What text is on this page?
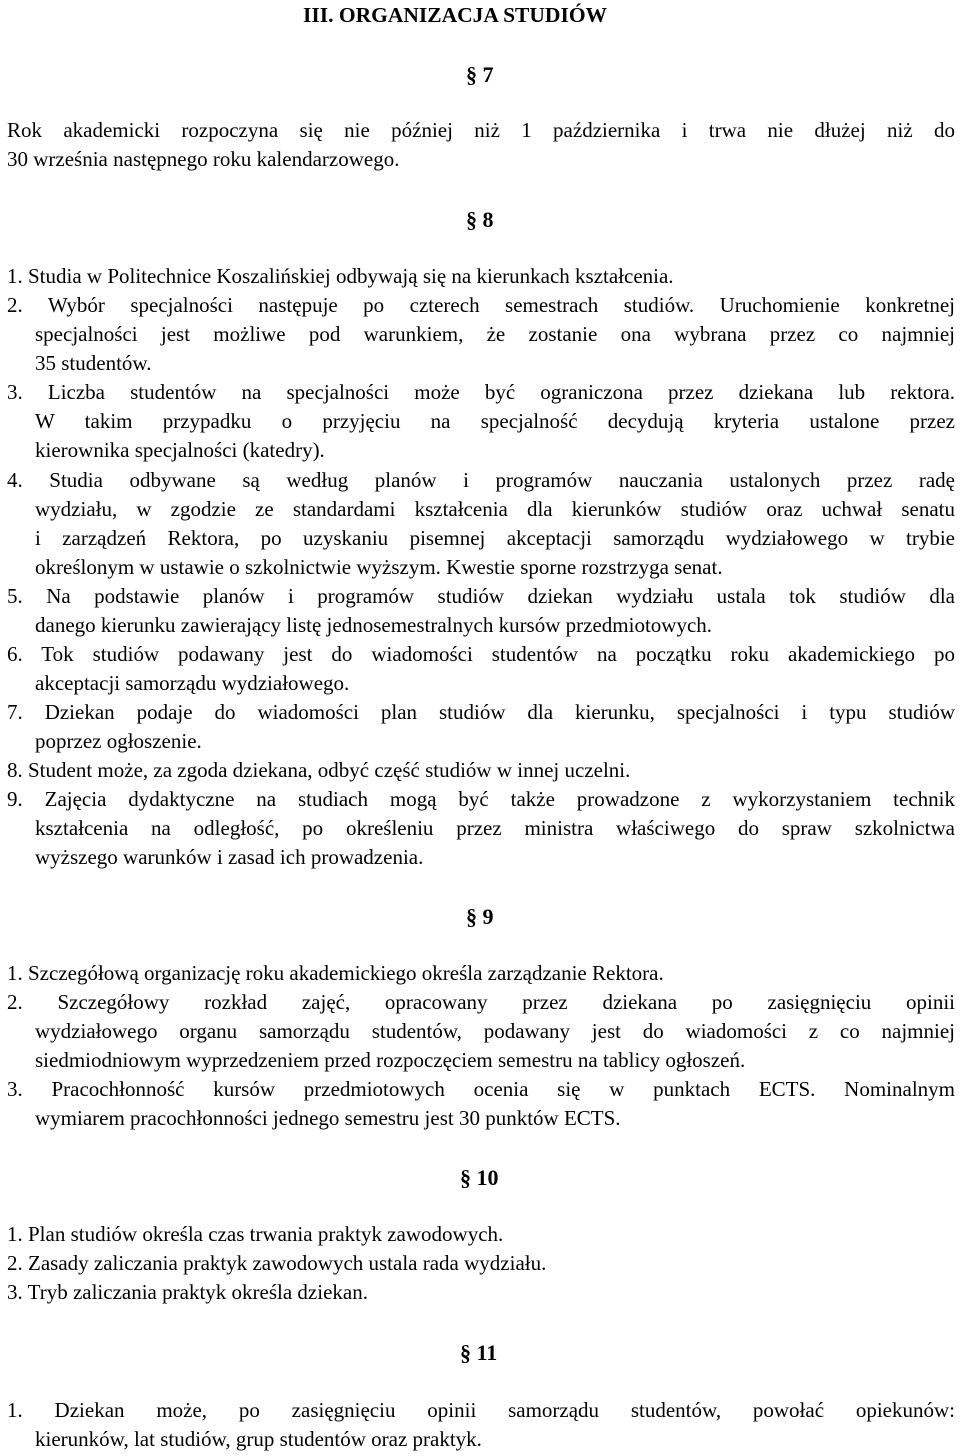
III. ORGANIZACJA STUDIÓW
§ 7

Rok akademicki rozpoczyna się nie później niż 1 października i trwa nie dłużej niż do

30 września następnego roku kalendarzowego.

§ 8

1. Studia w Politechnice Koszalińskiej odbywają się na kierunkach kształcenia.

2. Wybór specjalności następuje po czterech semestrach studiów. Uruchomienie konkretnej

specjalności jest możliwe pod warunkiem, że zostanie ona wybrana przez co najmniej

35 studentów.

3. Liczba studentów na specjalności może być ograniczona przez dziekana lub rektora.

W takim przypadku o przyjęciu na specjalność decydują kryteria ustalone przez

kierownika specjalności (katedry).

4. Studia odbywane są według planów i programów nauczania ustalonych przez radę

wydziału, w zgodzie ze standardami kształcenia dla kierunków studiów oraz uchwał senatu

i zarządzeń Rektora, po uzyskaniu pisemnej akceptacji samorządu wydziałowego w trybie

określonym w ustawie o szkolnictwie wyższym. Kwestie sporne rozstrzyga senat.

5. Na podstawie planów i programów studiów dziekan wydziału ustala tok studiów dla

danego kierunku zawierający listę jednosemestralnych kursów przedmiotowych.

6. Tok studiów podawany jest do wiadomości studentów na początku roku akademickiego po

akceptacji samorządu wydziałowego.

7. Dziekan podaje do wiadomości plan studiów dla kierunku, specjalności i typu studiów

poprzez ogłoszenie.

8. Student może, za zgoda dziekana, odbyć część studiów w innej uczelni.

9. Zajęcia dydaktyczne na studiach mogą być także prowadzone z wykorzystaniem technik

kształcenia na odległość, po określeniu przez ministra właściwego do spraw szkolnictwa

wyższego warunków i zasad ich prowadzenia.

§ 9

1. Szczegółową organizację roku akademickiego określa zarządzanie Rektora.

2. Szczegółowy rozkład zajęć, opracowany przez dziekana po zasięgnięciu opinii

wydziałowego organu samorządu studentów, podawany jest do wiadomości z co najmniej

siedmiodniowym wyprzedzeniem przed rozpoczęciem semestru na tablicy ogłoszeń.

3. Pracochłonność kursów przedmiotowych ocenia się w punktach ECTS. Nominalnym

wymiarem pracochłonności jednego semestru jest 30 punktów ECTS.

§ 10

1. Plan studiów określa czas trwania praktyk zawodowych.

2. Zasady zaliczania praktyk zawodowych ustala rada wydziału.

3. Tryb zaliczania praktyk określa dziekan.

§ 11

1. Dziekan może, po zasięgnięciu opinii samorządu studentów, powołać opiekunów:

kierunków, lat studiów, grup studentów oraz praktyk.
